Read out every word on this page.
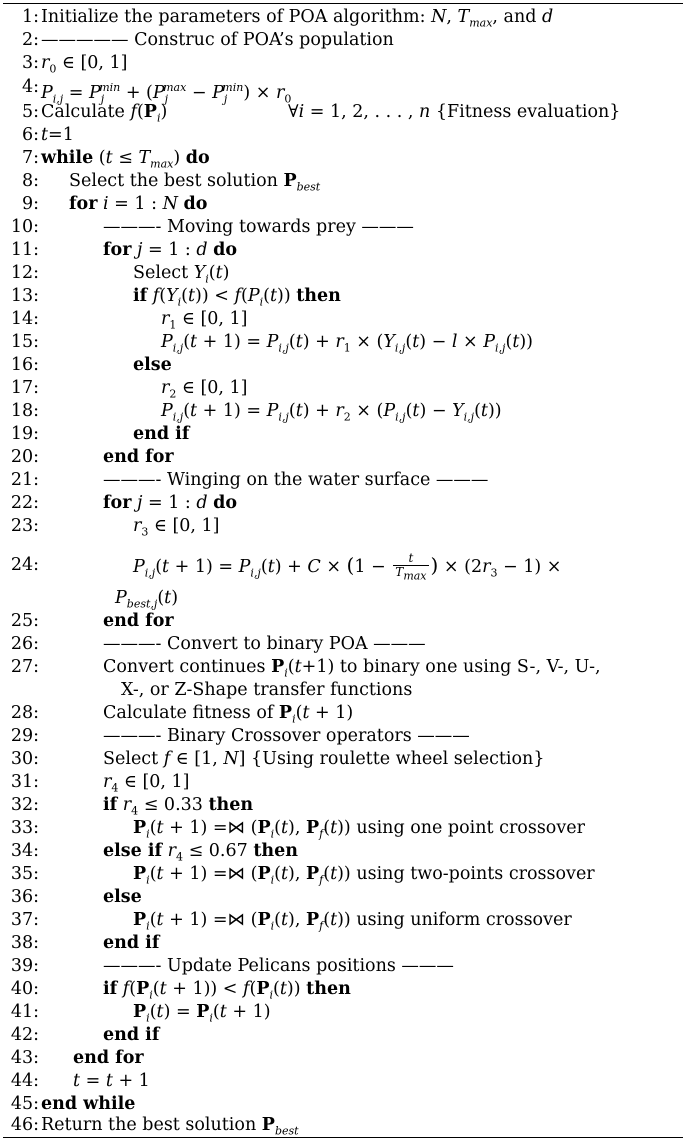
1: Initialize the parameters of POA algorithm: N, $T_{max}$, and d
2: ————— Construc of POA’s population
3: $r_0$ ∈ [0, 1]
4: $P_{i,j} = P_j^{min} + (P_j^{max} - P_j^{min}) \times r_0$
5: Calculate $f(P_i)$	∀i = 1, 2, . . . , n {Fitness evaluation}
6: t=1
7: while $(t \le T_{max})$ do
8: Select the best solution $P_{best}$
9: for i = 1 : N do
10:	———- Moving towards prey ———
11:	for j = 1 : d do
12:	Select $Y_i(t)$
13:	if $f(Y_i(t)) < f(P_i(t))$ then
14:	$r_1$ ∈ [0, 1]
15:	$P_{i,j}(t + 1) = P_{i,j}(t) + r_1 \times (Y_{i,j}(t) - l \times P_{i,j}(t))$
16:	else
17:	$r_2$ ∈ [0, 1]
18:	$P_{i,j}(t + 1) = P_{i,j}(t) + r_2 \times (P_{i,j}(t) - Y_{i,j}(t))$
19:	end if
20:	end for
21:	———- Winging on the water surface ———
22:	for j = 1 : d do
23:	$r_3$ ∈ [0, 1]
24:	$P_{i,j}(t + 1) = P_{i,j}(t) + C \times (1 - \frac{t}{T_{max}}$ ) × $(2r_3 - 1)$ ×
$P_{best,j}(t)$
25:	end for
26:	———- Convert to binary POA ———
27:	Convert continues $P_i(t+1)$ to binary one using S-, V-, U-,
X-, or Z-Shape transfer functions
28:	Calculate fitness of $P_i(t + 1)$
29:	———- Binary Crossover operators ———
30:	Select f ∈ [1, N] {Using roulette wheel selection}
31:	$r_4$ ∈ [0, 1]
32:	if $r_4 \le 0.33$ then
33:	$P_i(t + 1)$ =⋈ ($P_i(t)$, $P_f(t)$) using one point crossover
34:	else if $r_4 \le 0.67$ then
35:	$P_i(t + 1)$ =⋈ ($P_i(t)$, $P_f(t)$) using two-points crossover
36:	else
37:	$P_i(t + 1)$ =⋈ ($P_i(t)$, $P_f(t)$) using uniform crossover
38:	end if
39:	———- Update Pelicans positions ———
40:	if $f(P_i(t + 1)) < f(P_i(t))$ then
41:	$P_i(t) = P_i(t + 1)$
42:	end if
43: end for
44: t = t + 1
45: end while
46: Return the best solution $P_{best}$
